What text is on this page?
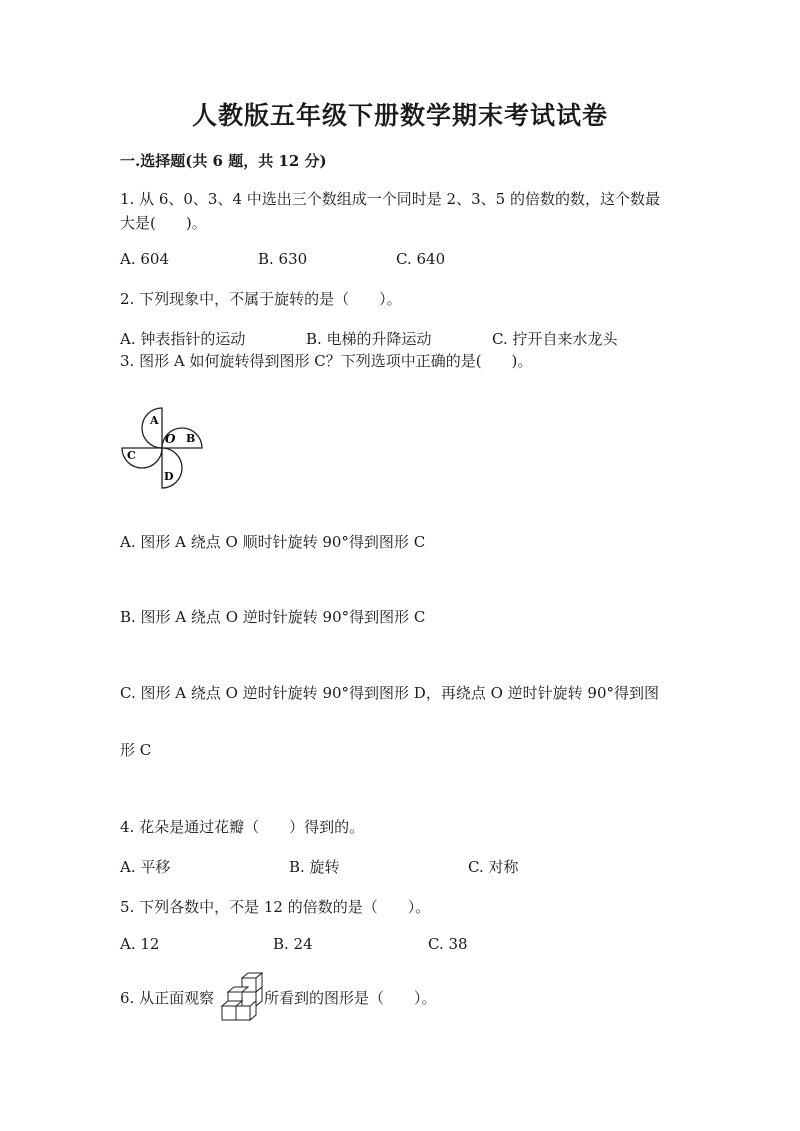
人教版五年级下册数学期末考试试卷
一.选择题(共 6 题，共 12 分)
1. 从 6、0、3、4 中选出三个数组成一个同时是 2、3、5 的倍数的数，这个数最
大是(　　)。
A. 604	B. 630	C. 640
2. 下列现象中，不属于旋转的是（　　）。
A. 钟表指针的运动	B. 电梯的升降运动	C. 拧开自来水龙头
3. 图形 A 如何旋转得到图形 C？下列选项中正确的是(　　)。
A
B
C
D
O
A. 图形 A 绕点 O 顺时针旋转 90°得到图形 C
B. 图形 A 绕点 O 逆时针旋转 90°得到图形 C
C. 图形 A 绕点 O 逆时针旋转 90°得到图形 D，再绕点 O 逆时针旋转 90°得到图
形 C
4. 花朵是通过花瓣（　　）得到的。
A. 平移	B. 旋转	C. 对称
5. 下列各数中，不是 12 的倍数的是（　　）。
A. 12	B. 24	C. 38
6. 从正面观察	所看到的图形是（　　）。
